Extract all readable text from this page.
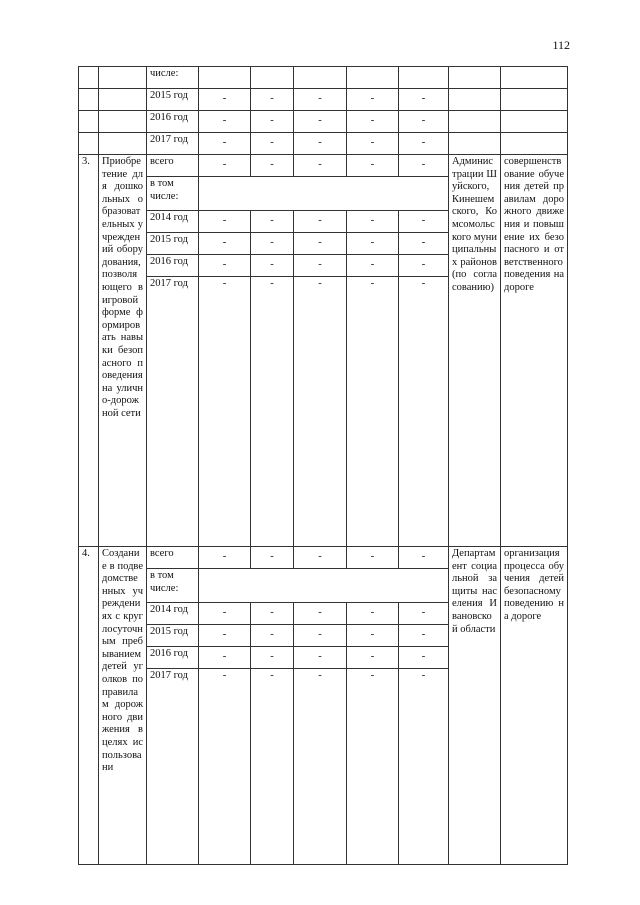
112
		числе:							
		2015 год	-	-	-	-	-		
		2016 год	-	-	-	-	-		
		2017 год	-	-	-	-	-		
3.	Приобретение для дошкольных образовательных учреждений оборудования, позволяющего в игровой форме формировать навыки безопасного поведения на улично-дорожной сети	всего	-	-	-	-	-	Администрации Шуйского, Кинешемского, Комсомольского муниципальных районов (по согласованию)	совершенствование обучения детей правилам дорожного движения и повышение их безопасного и ответственного поведения на дороге
		в том числе:							
		2014 год	-	-	-	-	-		
		2015 год	-	-	-	-	-		
		2016 год	-	-	-	-	-		
		2017 год	-	-	-	-	-		
4.	Создание в подведомственных учреждениях с круглосуточным пребыванием детей уголков по правилам дорожного движения в целях использовани	всего	-	-	-	-	-	Департамент социальной защиты населения Ивановской области	организация процесса обучения детей безопасному поведению на дороге
		в том числе:							
		2014 год	-	-	-	-	-		
		2015 год	-	-	-	-	-		
		2016 год	-	-	-	-	-		
		2017 год	-	-	-	-	-		
